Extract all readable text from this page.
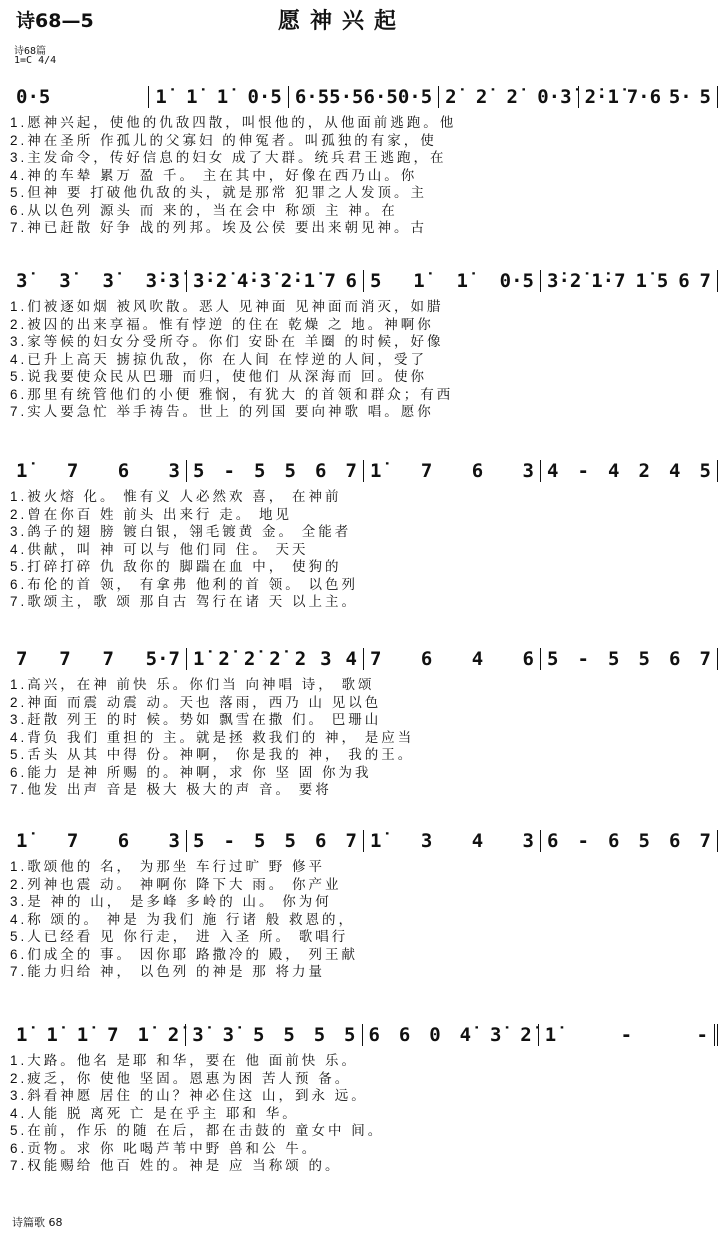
诗68—5	愿神兴起
诗68篇
1=C 4/4
0·5	1̇ 1̇ 1̇ 0·5 6·5 5·5 6·5 0·5 2̇ 2̇ 2̇ 0·3̇ 2̇·1̇ 7·6 5· 5
1.愿神兴起，使他的仇敌四散，叫恨他的，从他面前逃跑。他
2.神在圣所 作孤儿的父寡妇 的伸冤者。叫孤独的有家，使
3.主发命令，传好信息的妇女 成了大群。统兵君王逃跑，在
4.神的车辇 累万 盈 千。 主在其中，好像在西乃山。你
5.但神 要 打破他仇敌的头，就是那常 犯罪之人发顶。主
6.从以色列 源头 而 来的，当在会中 称颂 主 神。在
7.神已赶散 好争 战的列邦。埃及公侯 要出来朝见神。古
3̇ 3̇ 3̇ 3̇·3̇ 3̇·2̇ 4̇·3̇ 2̇·1̇ 7 6 5 1̇ 1̇ 0·5 3̇·2̇ 1̇·7 1̇ 5 6 7
1.们被逐如烟 被风吹散。恶人 见神面 见神面而消灭，如腊
2.被囚的出来享福。惟有悖逆 的住在 乾燥 之 地。神啊你
3.家等候的妇女分受所夺。你们 安卧在 羊圈 的时候，好像
4.已升上高天 掳掠仇敌，你 在人间 在悖逆的人间，受了
5.说我要使众民从巴珊 而归，使他们 从深海而 回。使你
6.那里有统管他们的小便 雅悯，有犹大 的首领和群众；有西
7.实人要急忙 举手祷告。世上 的列国 要向神歌 唱。愿你
1̇ 7 6 3 5 - 5 5 6 7 1̇ 7 6 3 4 - 4 2 4 5
1.被火熔 化。 惟有义 人必然欢 喜， 在神前
2.曾在你百 姓 前头 出来行 走。 地见
3.鸽子的翅 膀 镀白银，翎毛镀黄 金。 全能者
4.供献，叫 神 可以与 他们同 住。 天天
5.打碎打碎 仇 敌你的 脚踹在血 中， 使狗的
6.布伦的首 领， 有拿弗 他利的首 领。 以色列
7.歌颂主，歌 颂 那自古 驾行在诸 天 以上主。
7 7 7 5·7 1̇ 2̇ 2̇ 2̇ 2 3 4 7 6 4 6 5 - 5 5 6 7
1.高兴，在神 前快 乐。你们当 向神唱 诗， 歌颂
2.神面 而震 动震 动。天也 落雨，西乃 山 见以色
3.赶散 列王 的时 候。势如 飘雪在撒 们。 巴珊山
4.背负 我们 重担的 主。就是拯 救我们的 神， 是应当
5.舌头 从其 中得 份。神啊， 你是我的 神， 我的王。
6.能力 是神 所赐 的。神啊，求 你 坚 固 你为我
7.他发 出声 音是 极大 极大的声 音。 要将
1̇ 7 6 3 5 - 5 5 6 7 1̇ 3 4 3 6 - 6 5 6 7
1.歌颂他的 名， 为那坐 车行过旷 野 修平
2.列神也震 动。 神啊你 降下大 雨。 你产业
3.是 神的 山， 是多峰 多岭的 山。 你为何
4.称 颂的。 神是 为我们 施 行诸 般 救恩的，
5.人已经看 见 你行走， 进 入圣 所。 歌唱行
6.们成全的 事。 因你耶 路撒冷的 殿， 列王献
7.能力归给 神， 以色列 的神是 那 将力量
1̇ 1̇ 1̇ 7 1̇ 2̇ 3̇ 3̇ 5 5 5 5 6 6 0 4̇ 3̇ 2̇ 1̇	-	-
1.大路。他名 是耶 和华，要在 他 面前快 乐。
2.疲乏，你 使他 坚固。恩惠为困 苦人预 备。
3.斜看神愿 居住 的山？神必住这 山，到永 远。
4.人能 脱 离死 亡 是在乎主 耶和 华。
5.在前，作乐 的随 在后，都在击鼓的 童女中 间。
6.贡物。求 你 叱喝芦苇中野 兽和公 牛。
7.权能赐给 他百 姓的。神是 应 当称颂 的。
诗篇歌 68
